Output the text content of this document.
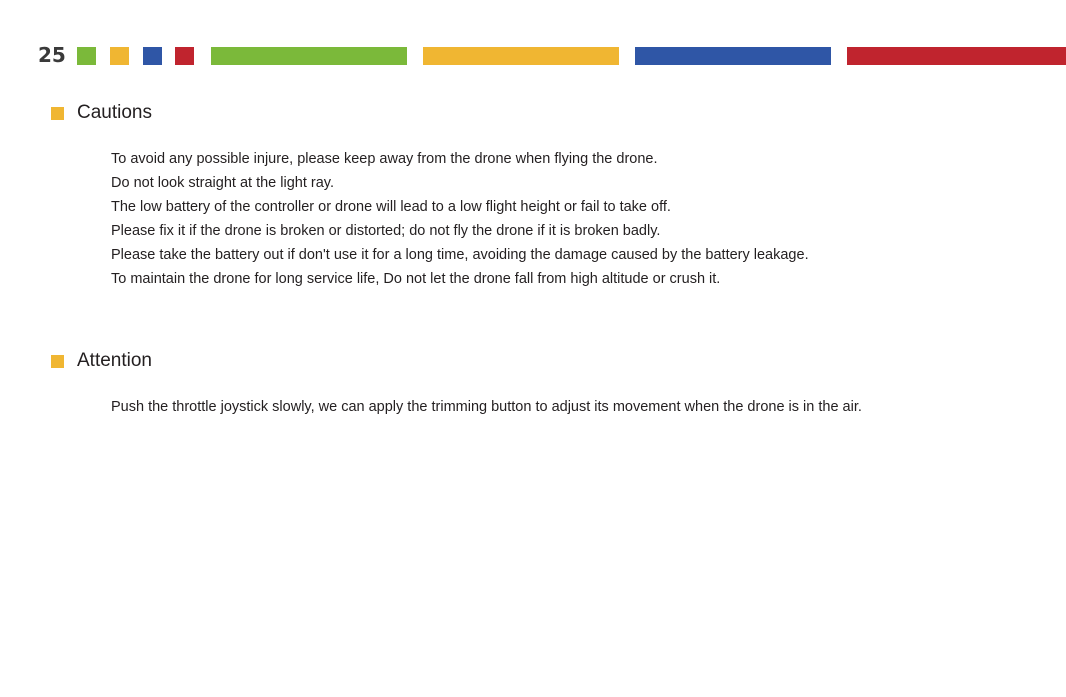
25
Cautions
To avoid any possible injure, please keep away from the drone when flying the drone.
Do not look straight at the light ray.
The low battery of the controller or drone will lead to a low flight height or fail to take off.
Please fix it if the drone is broken or distorted; do not fly the drone if it is broken badly.
Please take the battery out if don't use it for a long time, avoiding the damage caused by the battery leakage.
To maintain the drone for long service life, Do not let the drone fall from high altitude or crush it.
Attention
Push the throttle joystick slowly, we can apply the trimming button to adjust its movement when the drone is in the air.
